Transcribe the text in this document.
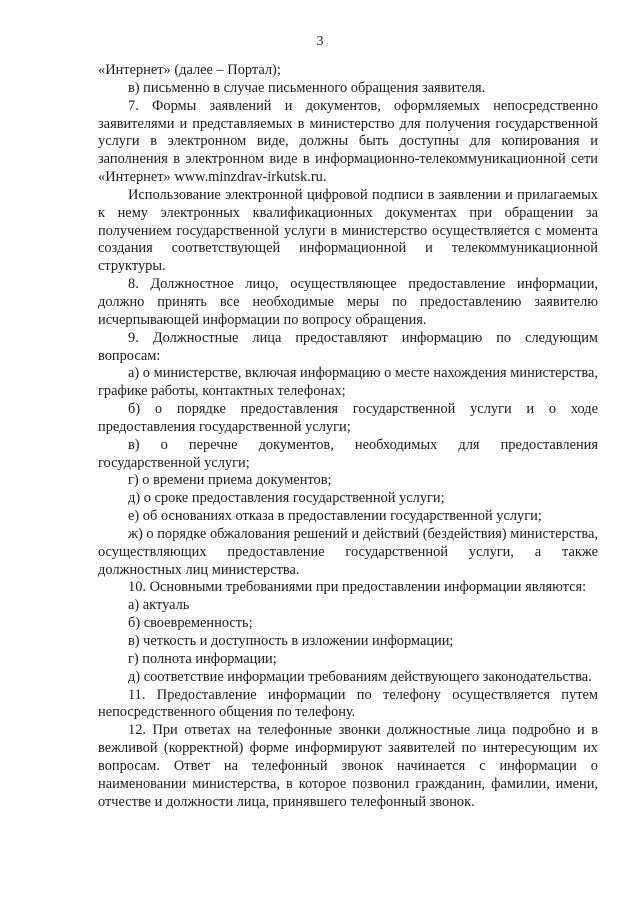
3

«Интернет» (далее – Портал);

в) письменно в случае письменного обращения заявителя.

7. Формы заявлений и документов, оформляемых непосредственно заявителями и представляемых в министерство для получения государственной услуги в электронном виде, должны быть доступны для копирования и заполнения в электронном виде в информационно-телекоммуникационной сети «Интернет» www.minzdrav-irkutsk.ru.

Использование электронной цифровой подписи в заявлении и прилагаемых к нему электронных квалификационных документах при обращении за получением государственной услуги в министерство осуществляется с момента создания соответствующей информационной и телекоммуникационной структуры.

8. Должностное лицо, осуществляющее предоставление информации, должно принять все необходимые меры по предоставлению заявителю исчерпывающей информации по вопросу обращения.

9. Должностные лица предоставляют информацию по следующим вопросам:

а) о министерстве, включая информацию о месте нахождения министерства, графике работы, контактных телефонах;

б) о порядке предоставления государственной услуги и о ходе предоставления государственной услуги;

в) о перечне документов, необходимых для предоставления государственной услуги;

г) о времени приема документов;

д) о сроке предоставления государственной услуги;

е) об основаниях отказа в предоставлении государственной услуги;

ж) о порядке обжалования решений и действий (бездействия) министерства, осуществляющих предоставление государственной услуги, а также должностных лиц министерства.

10. Основными требованиями при предоставлении информации являются:

а) актуаль

б) своевременность;

в) четкость и доступность в изложении информации;

г) полнота информации;

д) соответствие информации требованиям действующего законодательства.

11. Предоставление информации по телефону осуществляется путем непосредственного общения по телефону.

12. При ответах на телефонные звонки должностные лица подробно и в вежливой (корректной) форме информируют заявителей по интересующим их вопросам. Ответ на телефонный звонок начинается с информации о наименовании министерства, в которое позвонил гражданин, фамилии, имени, отчестве и должности лица, принявшего телефонный звонок.
